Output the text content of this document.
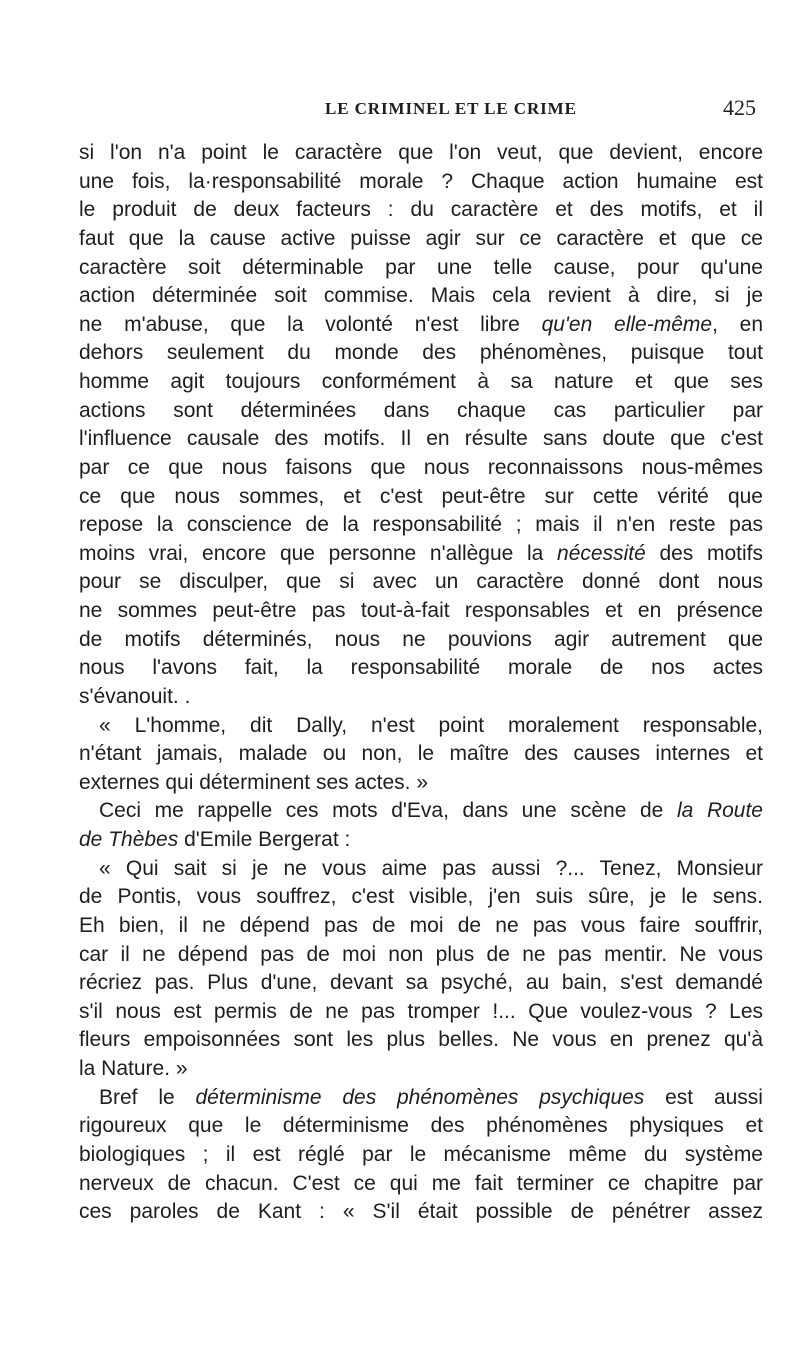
LE CRIMINEL ET LE CRIME	425
si l'on n'a point le caractère que l'on veut, que devient, encore
une fois, la·responsabilité morale ? Chaque action humaine est
le produit de deux facteurs : du caractère et des motifs, et il
faut que la cause active puisse agir sur ce caractère et que ce
caractère soit déterminable par une telle cause, pour qu'une
action déterminée soit commise. Mais cela revient à dire, si je
ne m'abuse, que la volonté n'est libre qu'en elle-même, en
dehors seulement du monde des phénomènes, puisque tout
homme agit toujours conformément à sa nature et que ses
actions sont déterminées dans chaque cas particulier par
l'influence causale des motifs. Il en résulte sans doute que c'est
par ce que nous faisons que nous reconnaissons nous-mêmes
ce que nous sommes, et c'est peut-être sur cette vérité que
repose la conscience de la responsabilité ; mais il n'en reste pas
moins vrai, encore que personne n'allègue la nécessité des motifs
pour se disculper, que si avec un caractère donné dont nous
ne sommes peut-être pas tout-à-fait responsables et en présence
de motifs déterminés, nous ne pouvions agir autrement que
nous l'avons fait, la responsabilité morale de nos actes
s'évanouit. .
« L'homme, dit Dally, n'est point moralement responsable,
n'étant jamais, malade ou non, le maître des causes internes et
externes qui déterminent ses actes. »
Ceci me rappelle ces mots d'Eva, dans une scène de la Route
de Thèbes d'Emile Bergerat :
« Qui sait si je ne vous aime pas aussi ?... Tenez, Monsieur
de Pontis, vous souffrez, c'est visible, j'en suis sûre, je le sens.
Eh bien, il ne dépend pas de moi de ne pas vous faire souffrir,
car il ne dépend pas de moi non plus de ne pas mentir. Ne vous
récriez pas. Plus d'une, devant sa psyché, au bain, s'est demandé
s'il nous est permis de ne pas tromper !... Que voulez-vous ? Les
fleurs empoisonnées sont les plus belles. Ne vous en prenez qu'à
la Nature. »
Bref le déterminisme des phénomènes psychiques est aussi
rigoureux que le déterminisme des phénomènes physiques et
biologiques ; il est réglé par le mécanisme même du système
nerveux de chacun. C'est ce qui me fait terminer ce chapitre par
ces paroles de Kant : « S'il était possible de pénétrer assez
